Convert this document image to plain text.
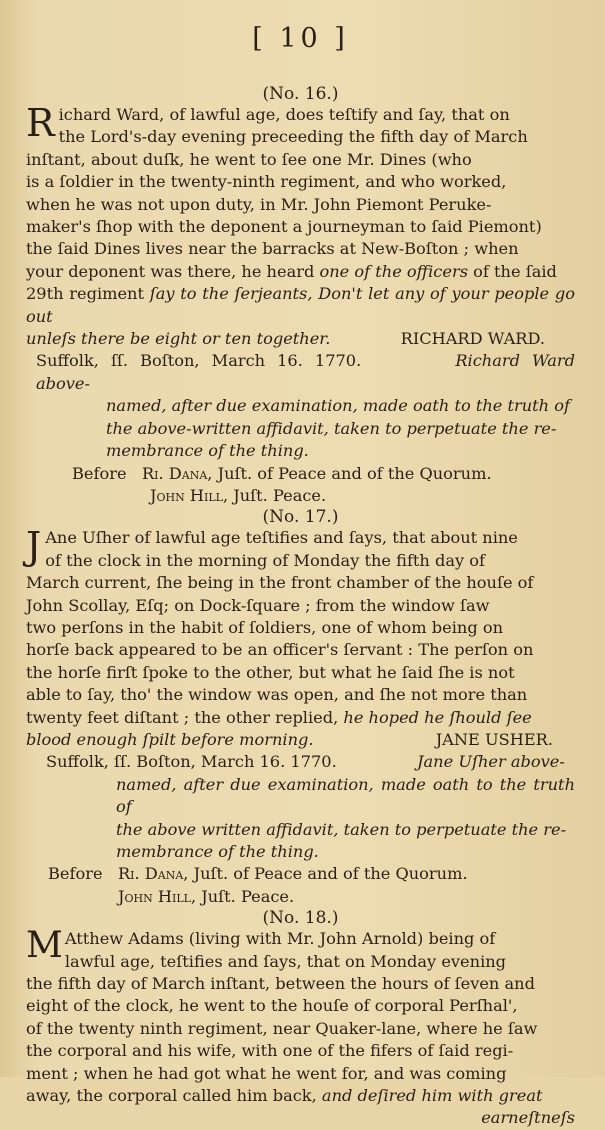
[ 10 ]
(No. 16.)
R ichard Ward, of lawful age, does teſtify and ſay, that on

the Lord's-day evening preceeding the fifth day of March

inſtant, about duſk, he went to ſee one Mr. Dines (who

is a ſoldier in the twenty-ninth regiment, and who worked,

when he was not upon duty, in Mr. John Piemont Peruke-

maker's ſhop with the deponent a journeyman to ſaid Piemont)

the ſaid Dines lives near the barracks at New-Boſton ; when

your deponent was there, he heard one of the officers of the ſaid

29th regiment ſay to the ſerjeants, Don't let any of your people go out

unleſs there be eight or ten together.	RICHARD WARD.

Suffolk, ſſ. Boſton, March 16. 1770.	Richard Ward above-

named, after due examination, made oath to the truth of

the above-written affidavit, taken to perpetuate the re-

membrance of the thing.

Before Ri. Dana, Juſt. of Peace and of the Quorum.

John Hill, Juſt. Peace.

(No. 17.)
J Ane Uſher of lawful age teſtifies and ſays, that about nine

of the clock in the morning of Monday the fifth day of

March current, ſhe being in the front chamber of the houſe of

John Scollay, Eſq; on Dock-ſquare ; from the window ſaw

two perſons in the habit of ſoldiers, one of whom being on

horſe back appeared to be an officer's ſervant : The perſon on

the horſe firſt ſpoke to the other, but what he ſaid ſhe is not

able to ſay, tho' the window was open, and ſhe not more than

twenty feet diſtant ; the other replied, he hoped he ſhould ſee

blood enough ſpilt before morning.	JANE USHER.

Suffolk, ſſ. Boſton, March 16. 1770.	Jane Uſher above-

named, after due examination, made oath to the truth of

the above written affidavit, taken to perpetuate the re-

membrance of the thing.

Before Ri. Dana, Juſt. of Peace and of the Quorum.

John Hill, Juſt. Peace.

(No. 18.)
M Atthew Adams (living with Mr. John Arnold) being of

lawful age, teſtifies and ſays, that on Monday evening

the fifth day of March inſtant, between the hours of ſeven and

eight of the clock, he went to the houſe of corporal Perſhal',

of the twenty ninth regiment, near Quaker-lane, where he ſaw

the corporal and his wife, with one of the fifers of ſaid regi-

ment ; when he had got what he went for, and was coming

away, the corporal called him back, and deſired him with great

earneſtneſs
